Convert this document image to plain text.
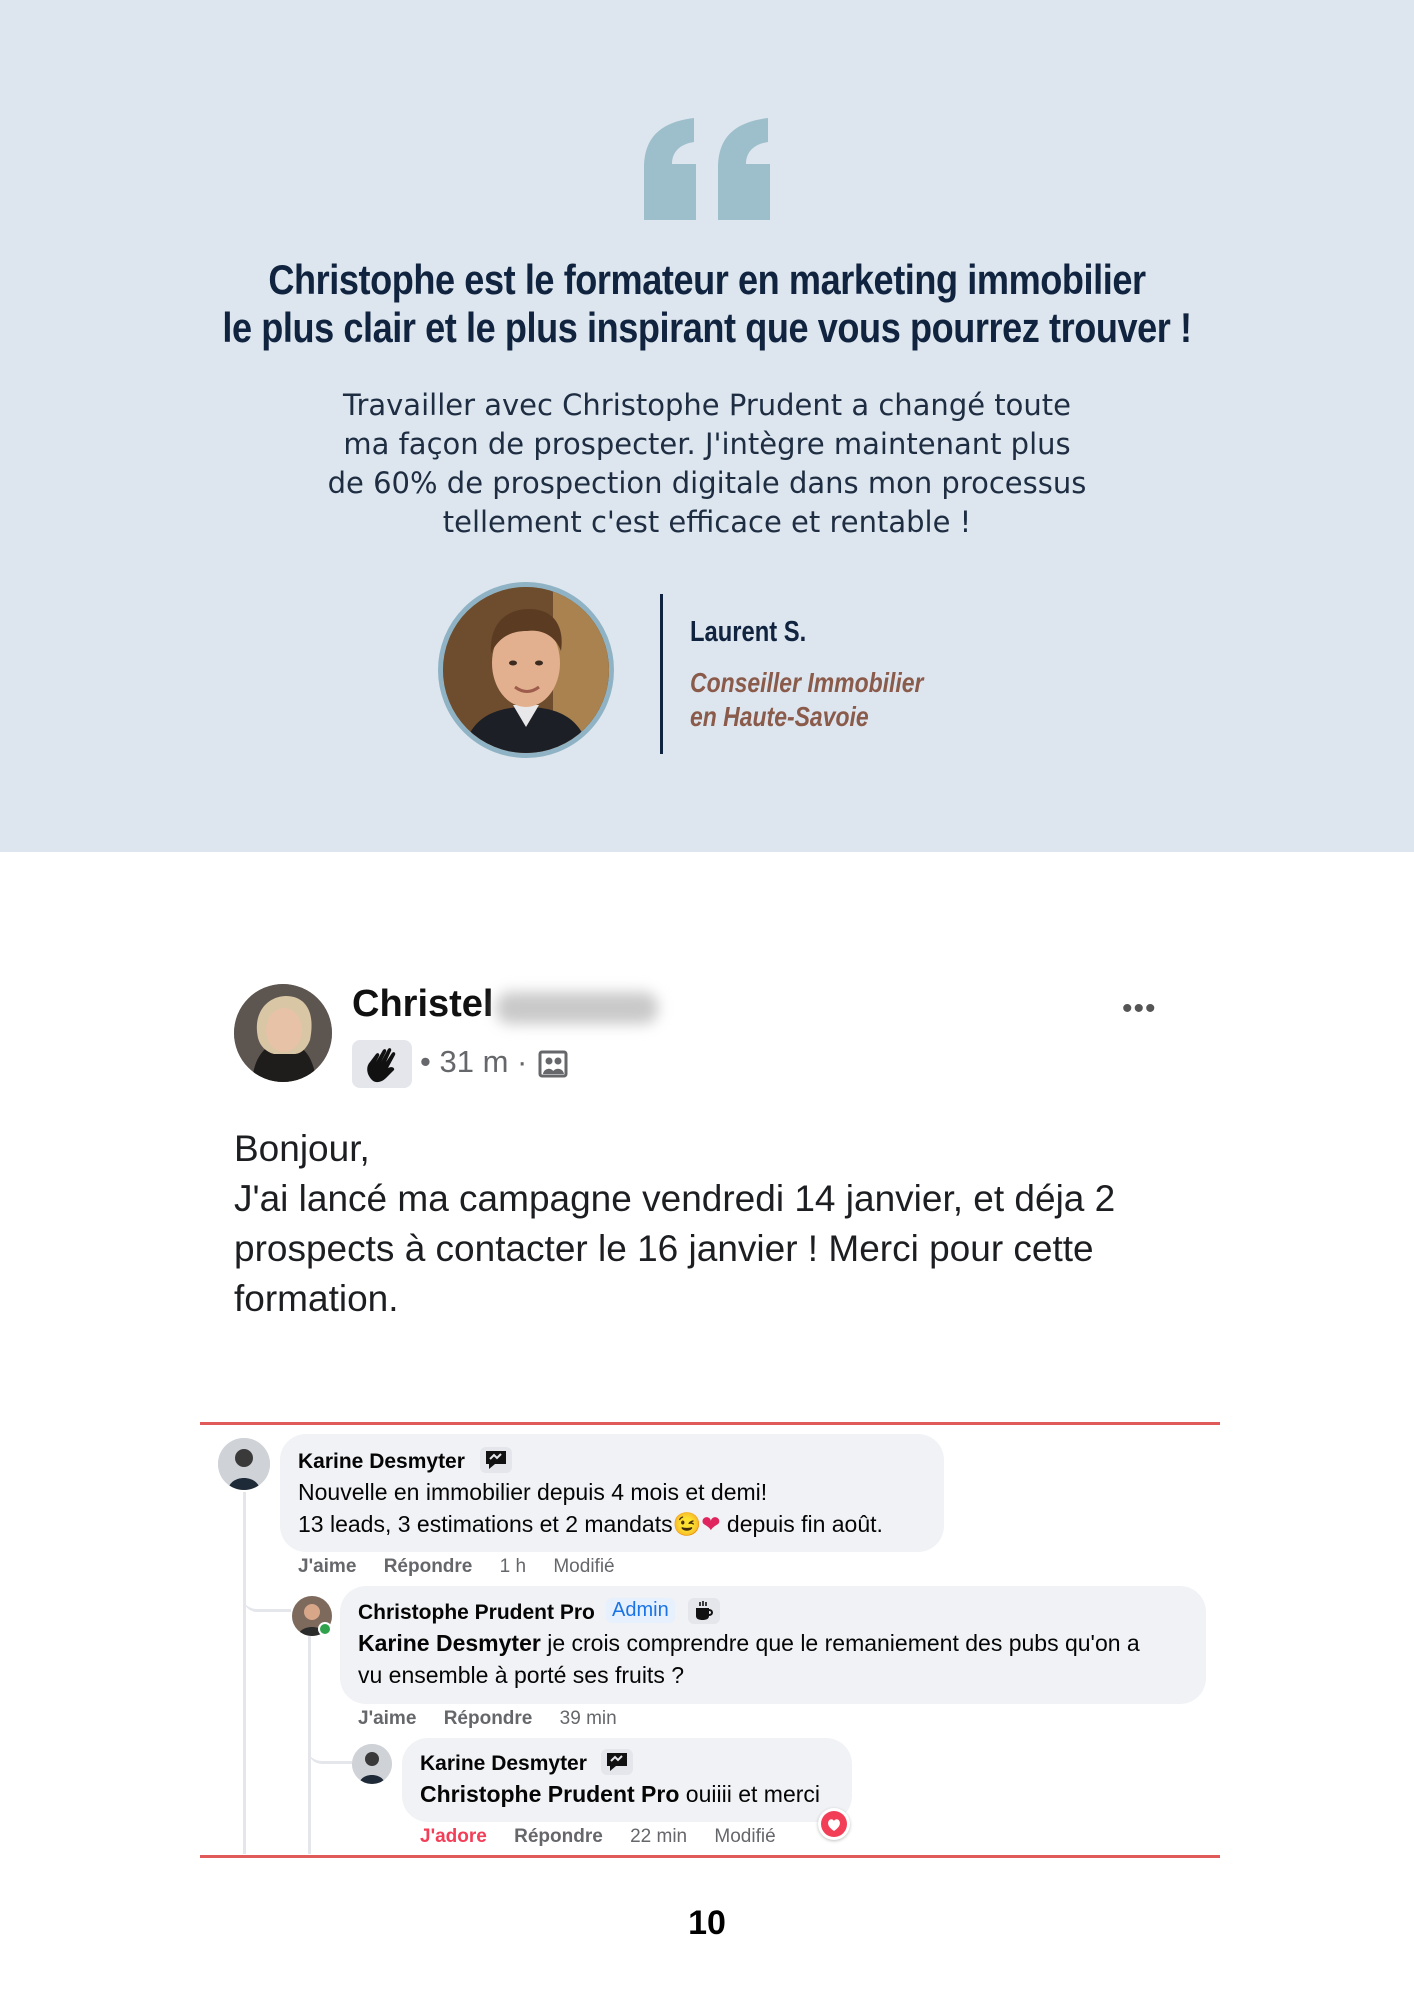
Christophe est le formateur en marketing immobilier
le plus clair et le plus inspirant que vous pourrez trouver !
Travailler avec Christophe Prudent a changé toute
ma façon de prospecter. J'intègre maintenant plus
de 60% de prospection digitale dans mon processus
tellement c'est efficace et rentable !
Laurent S.
Conseiller Immobilier
en Haute-Savoie
Christel	•••
• 31 m ·
Bonjour,
J'ai lancé ma campagne vendredi 14 janvier, et déja 2
prospects à contacter le 16 janvier ! Merci pour cette
formation.
Karine Desmyter
Nouvelle en immobilier depuis 4 mois et demi!
13 leads, 3 estimations et 2 mandats😉❤ depuis fin août.
J'aime Répondre 1 h Modifié
Christophe Prudent Pro Admin
Karine Desmyter je crois comprendre que le remaniement des pubs qu'on a
vu ensemble à porté ses fruits ?
J'aime Répondre 39 min
Karine Desmyter
Christophe Prudent Pro ouiiii et merci
J'adore Répondre 22 min Modifié
10
